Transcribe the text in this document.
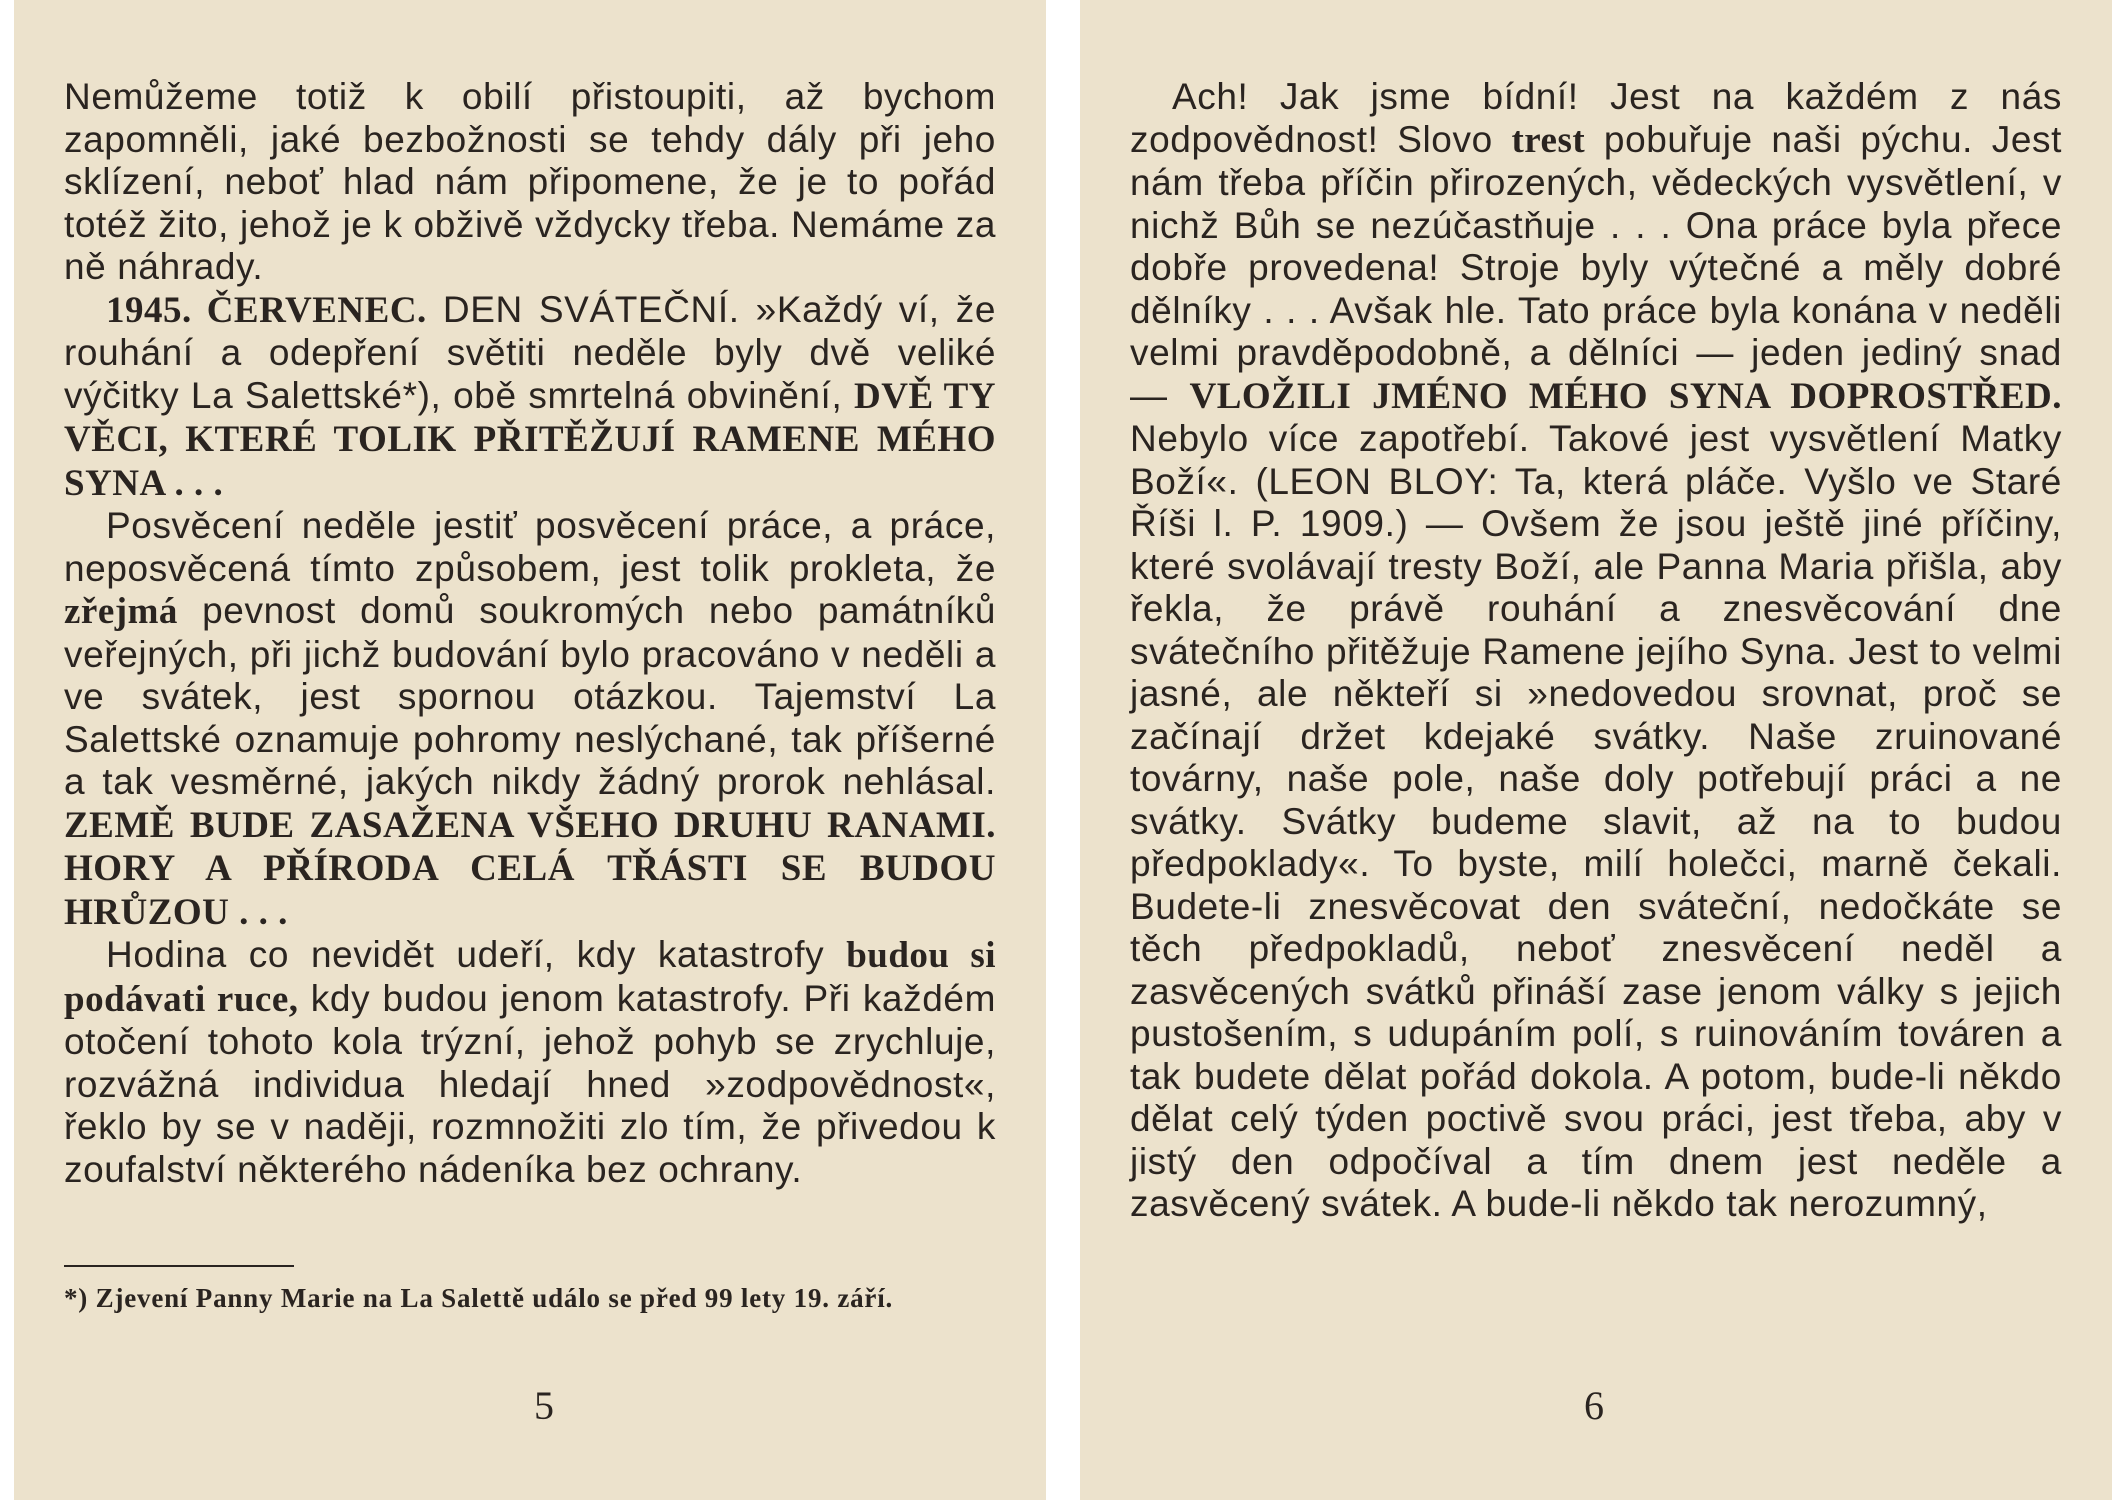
Nemůžeme totiž k obilí přistoupiti, až bychom zapomněli, jaké bezbožnosti se tehdy dály při jeho sklízení, neboť hlad nám připomene, že je to pořád totéž žito, jehož je k obživě vždycky třeba. Nemáme za ně náhrady.

1945. ČERVENEC. DEN SVÁTEČNÍ. »Každý ví, že rouhání a odepření světiti neděle byly dvě veliké výčitky La Salettské*), obě smrtelná obvinění, DVĚ TY VĚCI, KTERÉ TOLIK PŘITĚŽUJÍ RAMENE MÉHO SYNA . . .

Posvěcení neděle jestiť posvěcení práce, a práce, neposvěcená tímto způsobem, jest tolik prokleta, že zřejmá pevnost domů soukromých nebo památníků veřejných, při jichž budování bylo pracováno v neděli a ve svátek, jest spornou otázkou. Tajemství La Salettské oznamuje pohromy neslýchané, tak příšerné a tak vesměrné, jakých nikdy žádný prorok nehlásal. ZEMĚ BUDE ZASAŽENA VŠEHO DRUHU RANAMI. HORY A PŘÍRODA CELÁ TŘÁSTI SE BUDOU HRŮZOU . . .

Hodina co nevidět udeří, kdy katastrofy budou si podávati ruce, kdy budou jenom katastrofy. Při každém otočení tohoto kola trýzní, jehož pohyb se zrychluje, rozvážná individua hledají hned »zodpovědnost«, řeklo by se v naději, rozmnožiti zlo tím, že přivedou k zoufalství některého nádeníka bez ochrany.

*) Zjevení Panny Marie na La Salettě událo se před 99 lety 19. září.

5

Ach! Jak jsme bídní! Jest na každém z nás zodpovědnost! Slovo trest pobuřuje naši pýchu. Jest nám třeba příčin přirozených, vědeckých vysvětlení, v nichž Bůh se nezúčastňuje . . . Ona práce byla přece dobře provedena! Stroje byly výtečné a měly dobré dělníky . . . Avšak hle. Tato práce byla konána v neděli velmi pravděpodobně, a dělníci — jeden jediný snad — VLOŽILI JMÉNO MÉHO SYNA DOPROSTŘED. Nebylo více zapotřebí. Takové jest vysvětlení Matky Boží«. (LEON BLOY: Ta, která pláče. Vyšlo ve Staré Říši l. P. 1909.) — Ovšem že jsou ještě jiné příčiny, které svolávají tresty Boží, ale Panna Maria přišla, aby řekla, že právě rouhání a znesvěcování dne svátečního přitěžuje Ramene jejího Syna. Jest to velmi jasné, ale někteří si »nedovedou srovnat, proč se začínají držet kdejaké svátky. Naše zruinované továrny, naše pole, naše doly potřebují práci a ne svátky. Svátky budeme slavit, až na to budou předpoklady«. To byste, milí holečci, marně čekali. Budete-li znesvěcovat den sváteční, nedočkáte se těch předpokladů, neboť znesvěcení neděl a zasvěcených svátků přináší zase jenom války s jejich pustošením, s udupáním polí, s ruinováním továren a tak budete dělat pořád dokola. A potom, bude-li někdo dělat celý týden poctivě svou práci, jest třeba, aby v jistý den odpočíval a tím dnem jest neděle a zasvěcený svátek. A bude-li někdo tak nerozumný,

6
